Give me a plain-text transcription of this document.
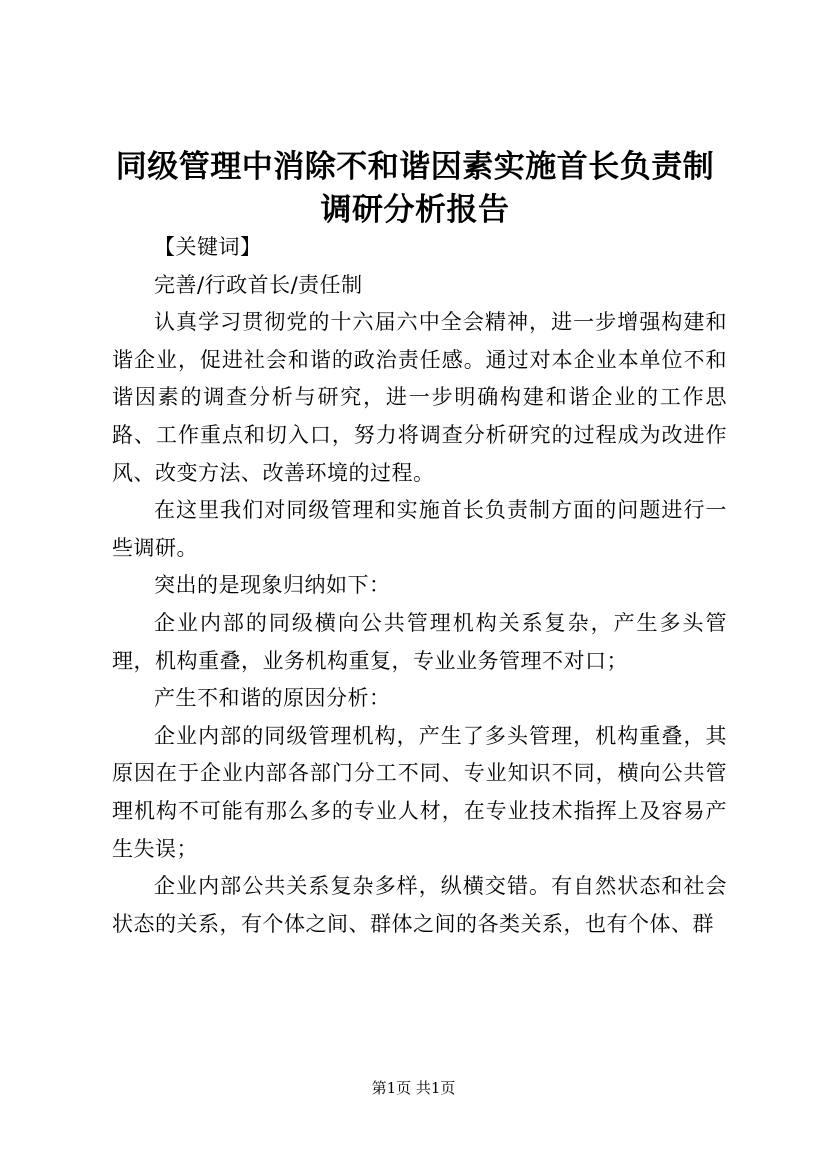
同级管理中消除不和谐因素实施首长负责制调研分析报告

【关键词】

完善/行政首长/责任制

认真学习贯彻党的十六届六中全会精神，进一步增强构建和谐企业，促进社会和谐的政治责任感。通过对本企业本单位不和谐因素的调查分析与研究，进一步明确构建和谐企业的工作思路、工作重点和切入口，努力将调查分析研究的过程成为改进作风、改变方法、改善环境的过程。

在这里我们对同级管理和实施首长负责制方面的问题进行一些调研。

突出的是现象归纳如下：

企业内部的同级横向公共管理机构关系复杂，产生多头管理，机构重叠，业务机构重复，专业业务管理不对口；

产生不和谐的原因分析：

企业内部的同级管理机构，产生了多头管理，机构重叠，其原因在于企业内部各部门分工不同、专业知识不同，横向公共管理机构不可能有那么多的专业人材，在专业技术指挥上及容易产生失误；

企业内部公共关系复杂多样，纵横交错。有自然状态和社会状态的关系，有个体之间、群体之间的各类关系，也有个体、群

第1页 共1页
